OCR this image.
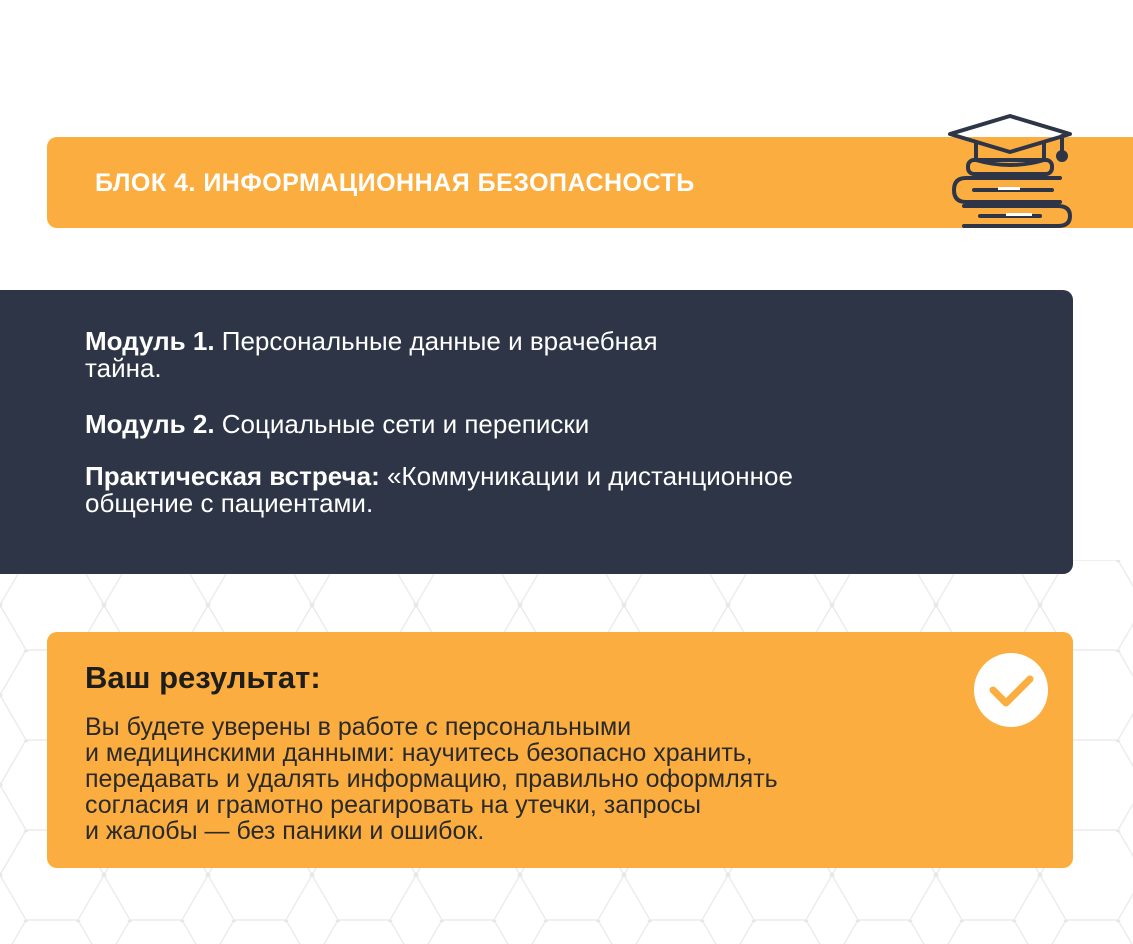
БЛОК 4. ИНФОРМАЦИОННАЯ БЕЗОПАСНОСТЬ

Модуль 1. Персональные данные и врачебная
тайна.

Модуль 2. Социальные сети и переписки

Практическая встреча: «Коммуникации и дистанционное
общение с пациентами.

Ваш результат:

Вы будете уверены в работе с персональными
и медицинскими данными: научитесь безопасно хранить,
передавать и удалять информацию, правильно оформлять
согласия и грамотно реагировать на утечки, запросы
и жалобы — без паники и ошибок.
